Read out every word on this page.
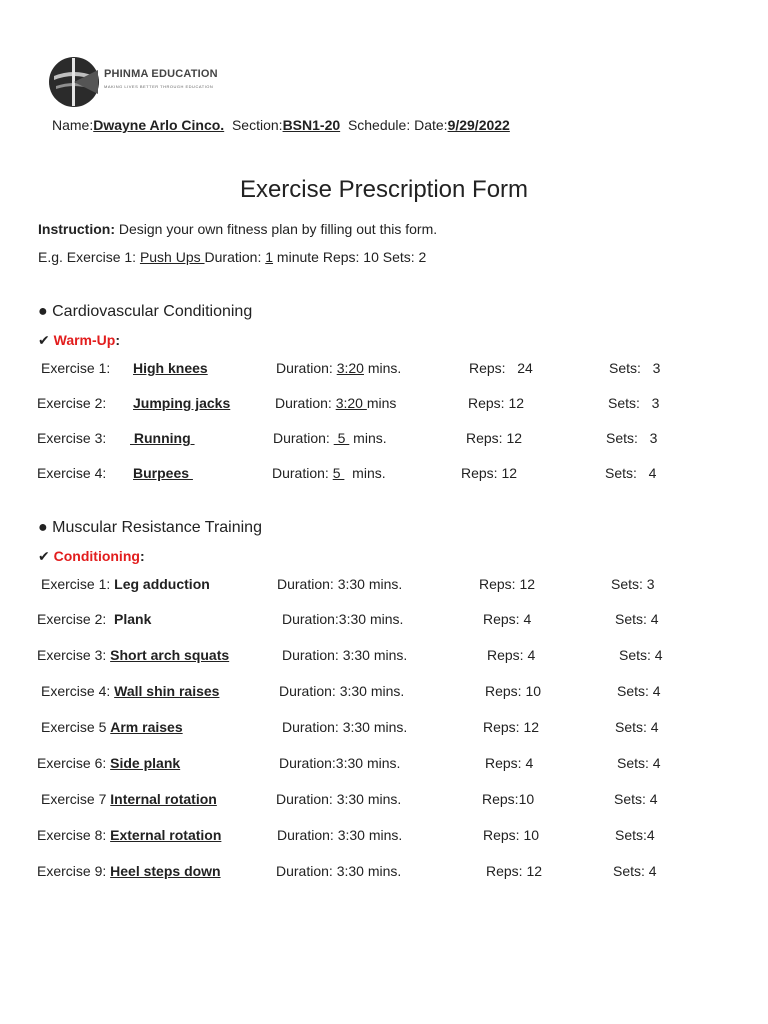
PHINMA EDUCATION
MAKING LIVES BETTER THROUGH EDUCATION
Name:Dwayne Arlo Cinco. Section:BSN1-20 Schedule: Date:9/29/2022
Exercise Prescription Form
Instruction: Design your own fitness plan by filling out this form.
E.g. Exercise 1: Push Ups Duration: 1 minute Reps: 10 Sets: 2
● Cardiovascular Conditioning
✔ Warm-Up:
Exercise 1: High knees	Duration: 3:20 mins.	Reps:   24	Sets:   3
Exercise 2: Jumping jacks	Duration: 3:20 mins	Reps: 12	Sets:   3
Exercise 3: Running	Duration:  5  mins.	Reps: 12	Sets:   3
Exercise 4: Burpees	Duration: 5   mins.	Reps: 12	Sets:   4
● Muscular Resistance Training
✔ Conditioning:
Exercise 1: Leg adduction	Duration: 3:30 mins.	Reps: 12	Sets: 3
Exercise 2: Plank	Duration:3:30 mins.	Reps: 4	Sets: 4
Exercise 3: Short arch squats	Duration: 3:30 mins.	Reps: 4	Sets: 4
Exercise 4: Wall shin raises	Duration: 3:30 mins.	Reps: 10	Sets: 4
Exercise 5 Arm raises	Duration: 3:30 mins.	Reps: 12	Sets: 4
Exercise 6: Side plank	Duration:3:30 mins.	Reps: 4	Sets: 4
Exercise 7 Internal rotation	Duration: 3:30 mins.	Reps:10	Sets: 4
Exercise 8: External rotation	Duration: 3:30 mins.	Reps: 10	Sets:4
Exercise 9: Heel steps down	Duration: 3:30 mins.	Reps: 12	Sets: 4
